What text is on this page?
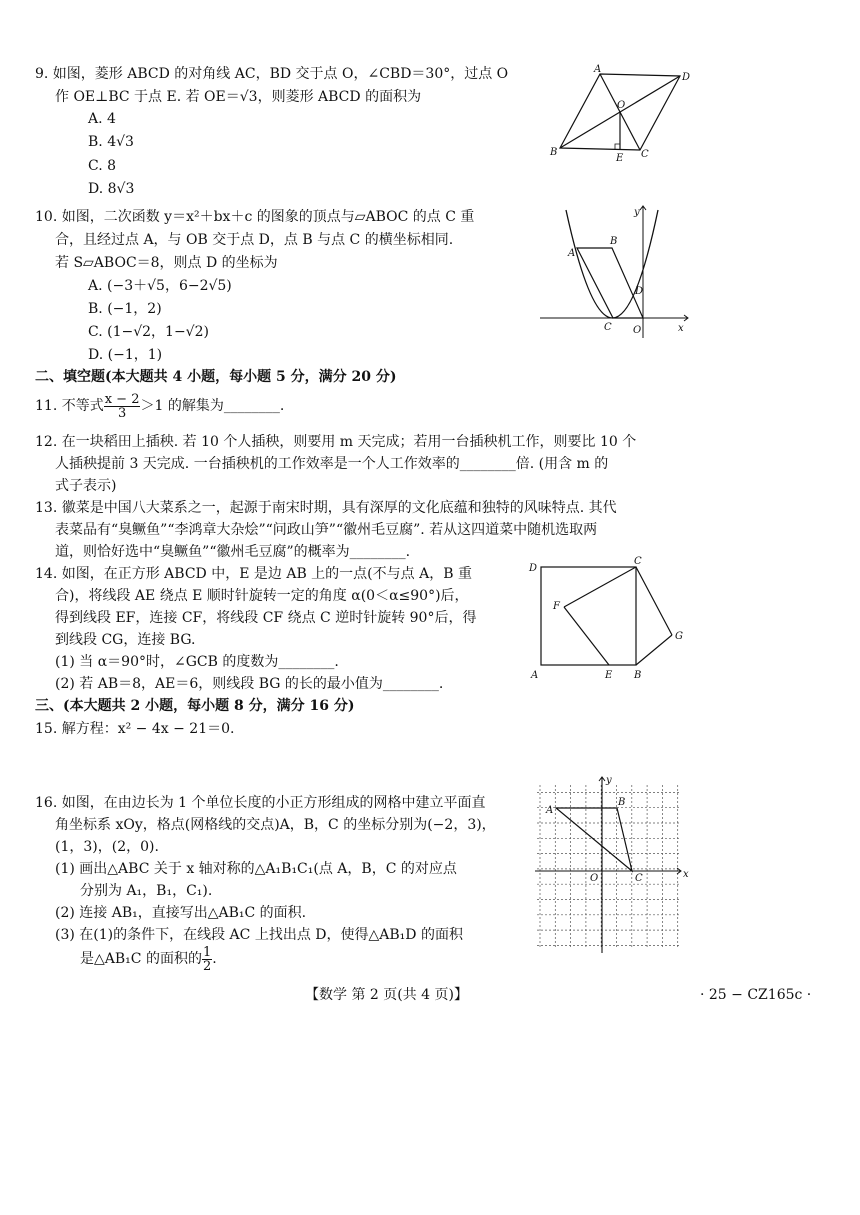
9. 如图，菱形 ABCD 的对角线 AC，BD 交于点 O，∠CBD＝30°，过点 O
作 OE⊥BC 于点 E. 若 OE＝√3，则菱形 ABCD 的面积为
A. 4
B. 4√3
C. 8
D. 8√3
A
D
B	C
O
E
10. 如图，二次函数 y＝x²＋bx＋c 的图象的顶点与▱ABOC 的点 C 重
合，且经过点 A，与 OB 交于点 D，点 B 与点 C 的横坐标相同.
若 S▱ABOC＝8，则点 D 的坐标为
A. (−3＋√5，6−2√5)
B. (−1，2)
C. (1−√2，1−√2)
D. (−1，1)
A
B
D
C O	x
y
二、填空题(本大题共 4 小题，每小题 5 分，满分 20 分)
11. 不等式 $\frac{x - 2}{3} >1$ 的解集为________.
12. 在一块稻田上插秧. 若 10 个人插秧，则要用 m 天完成；若用一台插秧机工作，则要比 10 个
人插秧提前 3 天完成. 一台插秧机的工作效率是一个人工作效率的________倍. (用含 m 的
式子表示)
13. 徽菜是中国八大菜系之一，起源于南宋时期，具有深厚的文化底蕴和独特的风味特点. 其代
表菜品有“臭鳜鱼”“李鸿章大杂烩”“问政山笋”“徽州毛豆腐”. 若从这四道菜中随机选取两
道，则恰好选中“臭鳜鱼”“徽州毛豆腐”的概率为________.
14. 如图，在正方形 ABCD 中，E 是边 AB 上的一点(不与点 A，B 重
合)，将线段 AE 绕点 E 顺时针旋转一定的角度 α(0＜α≤90°)后，
得到线段 EF，连接 CF，将线段 CF 绕点 C 逆时针旋转 90°后，得
到线段 CG，连接 BG.
(1) 当 α＝90°时，∠GCB 的度数为________.
(2) 若 AB＝8，AE＝6，则线段 BG 的长的最小值为________.
D
C
A	E B
F
G
三、(本大题共 2 小题，每小题 8 分，满分 16 分)
15. 解方程：x² − 4x − 21＝0.
16. 如图，在由边长为 1 个单位长度的小正方形组成的网格中建立平面直
角坐标系 xOy，格点(网格线的交点)A，B，C 的坐标分别为(−2，3)，
(1，3)，(2，0).
(1) 画出△ABC 关于 x 轴对称的△A₁B₁C₁(点 A，B，C 的对应点
分别为 A₁，B₁，C₁).
(2) 连接 AB₁，直接写出△AB₁C 的面积.
(3) 在(1)的条件下，在线段 AC 上找出点 D，使得△AB₁D 的面积
是△AB₁C 的面积的 $\frac{1}{2}$ .
A
B
C
O	x
y
【数学 第 2 页(共 4 页)】	· 25 − CZ165c ·
